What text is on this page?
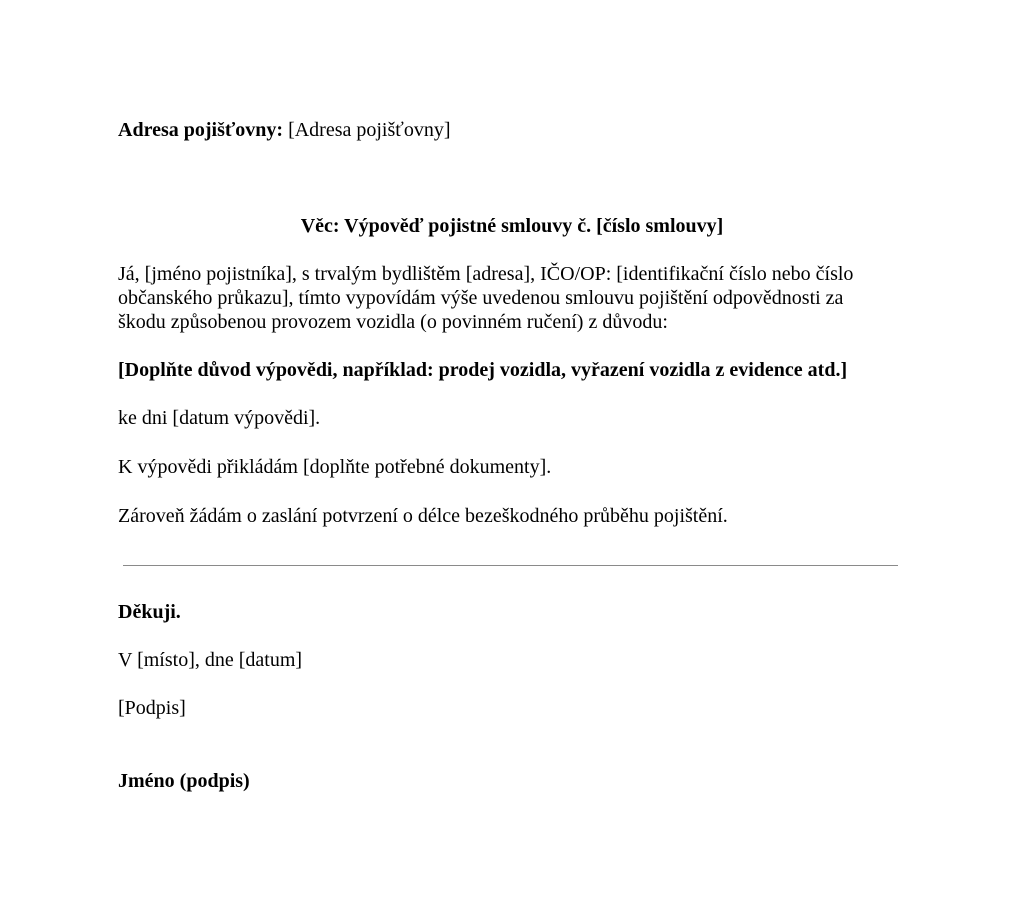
Adresa pojišťovny: [Adresa pojišťovny]
Věc: Výpověď pojistné smlouvy č. [číslo smlouvy]
Já, [jméno pojistníka], s trvalým bydlištěm [adresa], IČO/OP: [identifikační číslo nebo číslo
občanského průkazu], tímto vypovídám výše uvedenou smlouvu pojištění odpovědnosti za
škodu způsobenou provozem vozidla (o povinném ručení) z důvodu:
[Doplňte důvod výpovědi, například: prodej vozidla, vyřazení vozidla z evidence atd.]
ke dni [datum výpovědi].
K výpovědi přikládám [doplňte potřebné dokumenty].
Zároveň žádám o zaslání potvrzení o délce bezeškodného průběhu pojištění.
Děkuji.
V [místo], dne [datum]
[Podpis]
Jméno (podpis)
